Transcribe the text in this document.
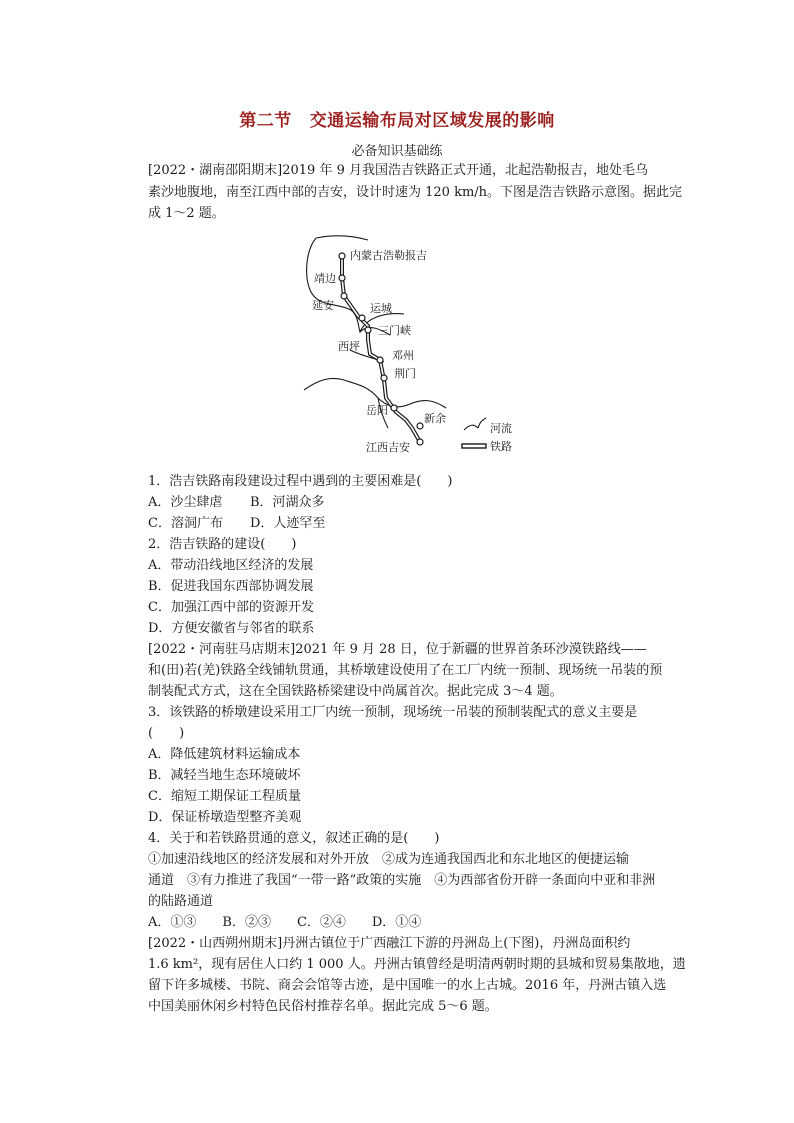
第二节 交通运输布局对区域发展的影响
必备知识基础练
[2022・湖南邵阳期末]2019 年 9 月我国浩吉铁路正式开通，北起浩勒报吉，地处毛乌
素沙地腹地，南至江西中部的吉安，设计时速为 120 km/h。下图是浩吉铁路示意图。据此完
成 1～2 题。
内蒙古浩勒报吉
靖边
延安	运城
三门峡
西坪
邓州
荆门
岳阳
新余
江西吉安
河流
铁路
1．浩吉铁路南段建设过程中遇到的主要困难是(　　)
A．沙尘肆虐 B．河湖众多
C．溶洞广布 D．人迹罕至
2．浩吉铁路的建设(　　)
A．带动沿线地区经济的发展
B．促进我国东西部协调发展
C．加强江西中部的资源开发
D．方便安徽省与邻省的联系
[2022・河南驻马店期末]2021 年 9 月 28 日，位于新疆的世界首条环沙漠铁路线——
和(田)若(羌)铁路全线铺轨贯通，其桥墩建设使用了在工厂内统一预制、现场统一吊装的预
制装配式方式，这在全国铁路桥梁建设中尚属首次。据此完成 3～4 题。
3．该铁路的桥墩建设采用工厂内统一预制，现场统一吊装的预制装配式的意义主要是
(　　)
A．降低建筑材料运输成本
B．减轻当地生态环境破坏
C．缩短工期保证工程质量
D．保证桥墩造型整齐美观
4．关于和若铁路贯通的意义，叙述正确的是(　　)
①加速沿线地区的经济发展和对外开放　②成为连通我国西北和东北地区的便捷运输
通道　③有力推进了我国“一带一路”政策的实施　④为西部省份开辟一条面向中亚和非洲
的陆路通道
A．①③　　B．②③　　C．②④　　D．①④
[2022・山西朔州期末]丹洲古镇位于广西融江下游的丹洲岛上(下图)，丹洲岛面积约
1.6 km²，现有居住人口约 1 000 人。丹洲古镇曾经是明清两朝时期的县城和贸易集散地，遗
留下许多城楼、书院、商会会馆等古迹，是中国唯一的水上古城。2016 年，丹洲古镇入选
中国美丽休闲乡村特色民俗村推荐名单。据此完成 5～6 题。
